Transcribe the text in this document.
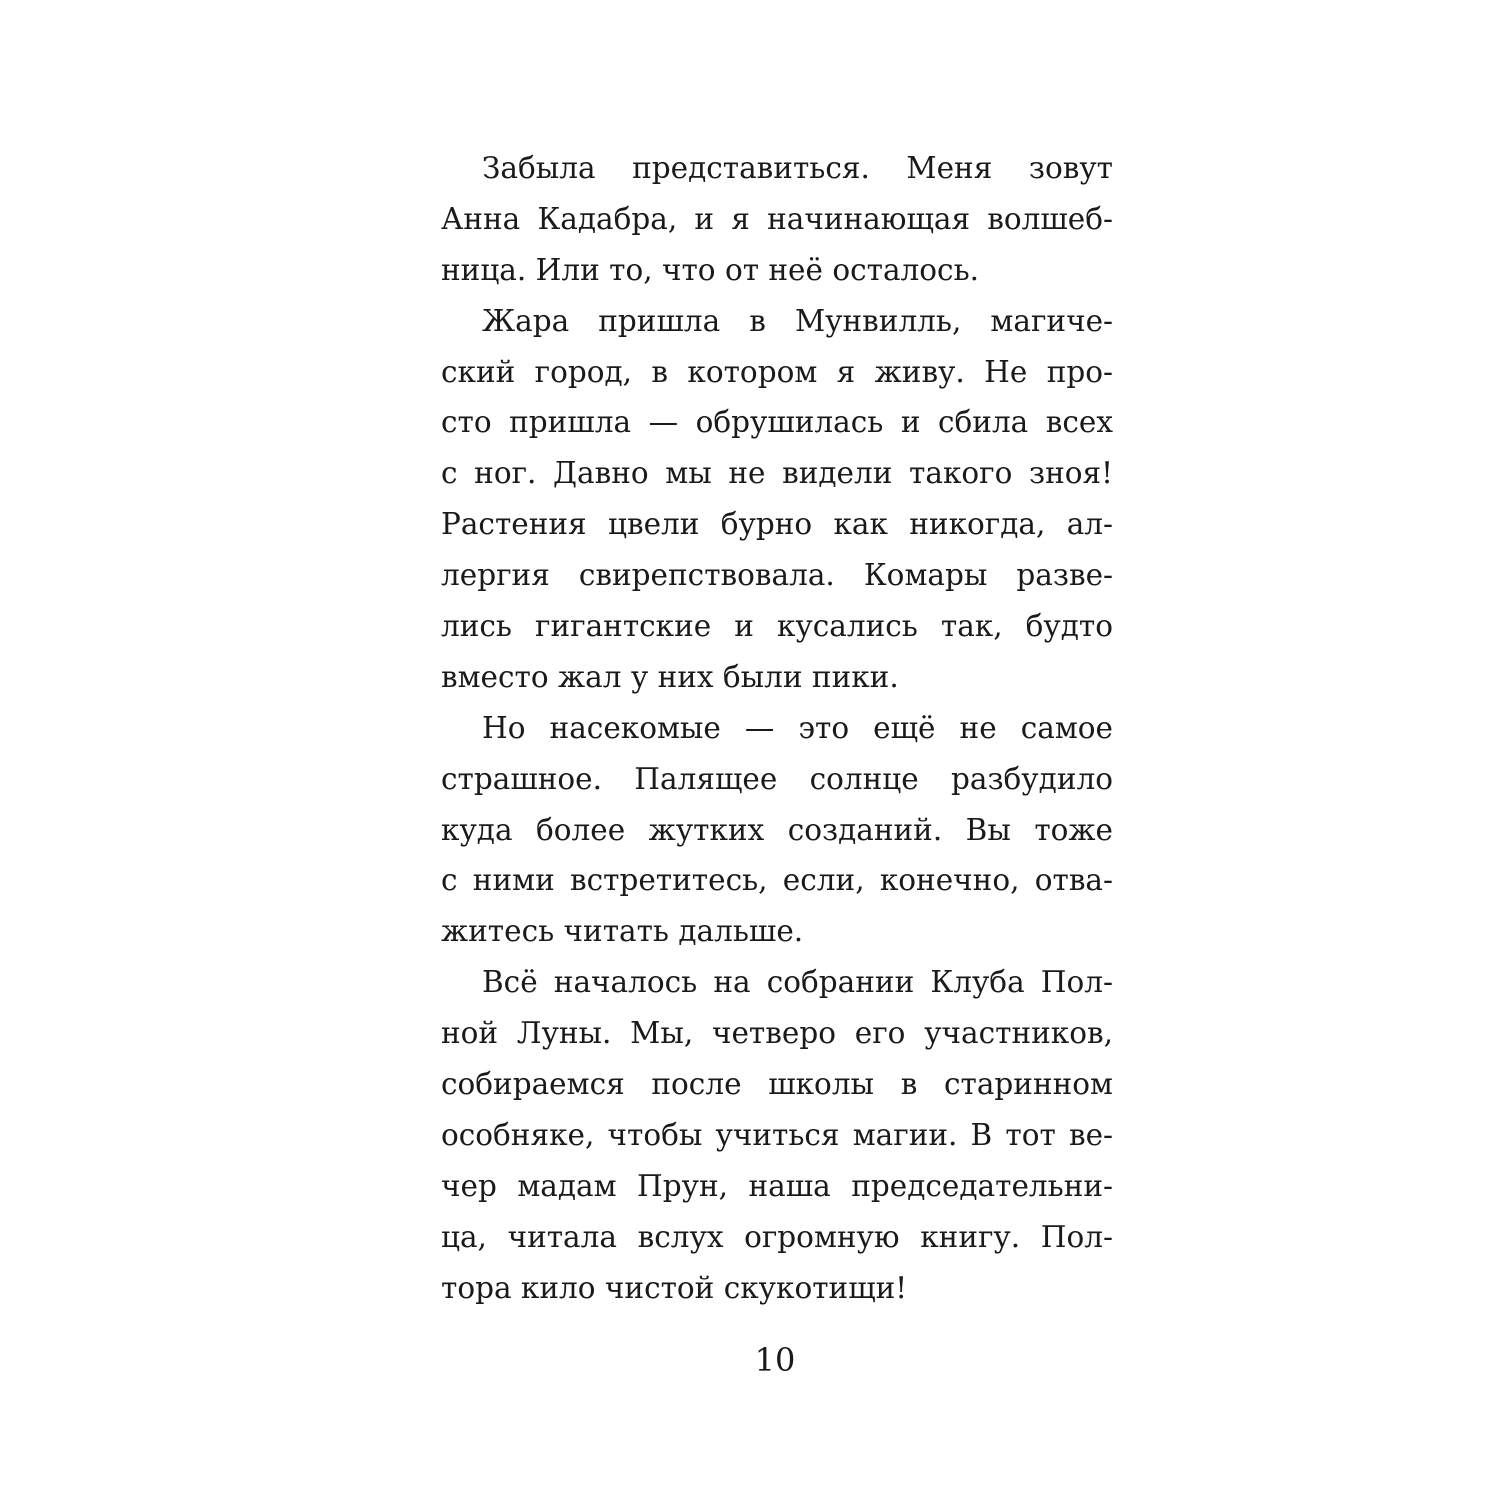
Забыла представиться. Меня зовут
Анна Кадабра, и я начинающая волшеб-
ница. Или то, что от неё осталось.
Жара пришла в Мунвилль, магиче-
ский город, в котором я живу. Не про-
сто пришла — обрушилась и сбила всех
с ног. Давно мы не видели такого зноя!
Растения цвели бурно как никогда, ал-
лергия свирепствовала. Комары разве-
лись гигантские и кусались так, будто
вместо жал у них были пики.
Но насекомые — это ещё не самое
страшное. Палящее солнце разбудило
куда более жутких созданий. Вы тоже
с ними встретитесь, если, конечно, отва-
житесь читать дальше.
Всё началось на собрании Клуба Пол-
ной Луны. Мы, четверо его участников,
собираемся после школы в старинном
особняке, чтобы учиться магии. В тот ве-
чер мадам Прун, наша председательни-
ца, читала вслух огромную книгу. Пол-
тора кило чистой скукотищи!
10
